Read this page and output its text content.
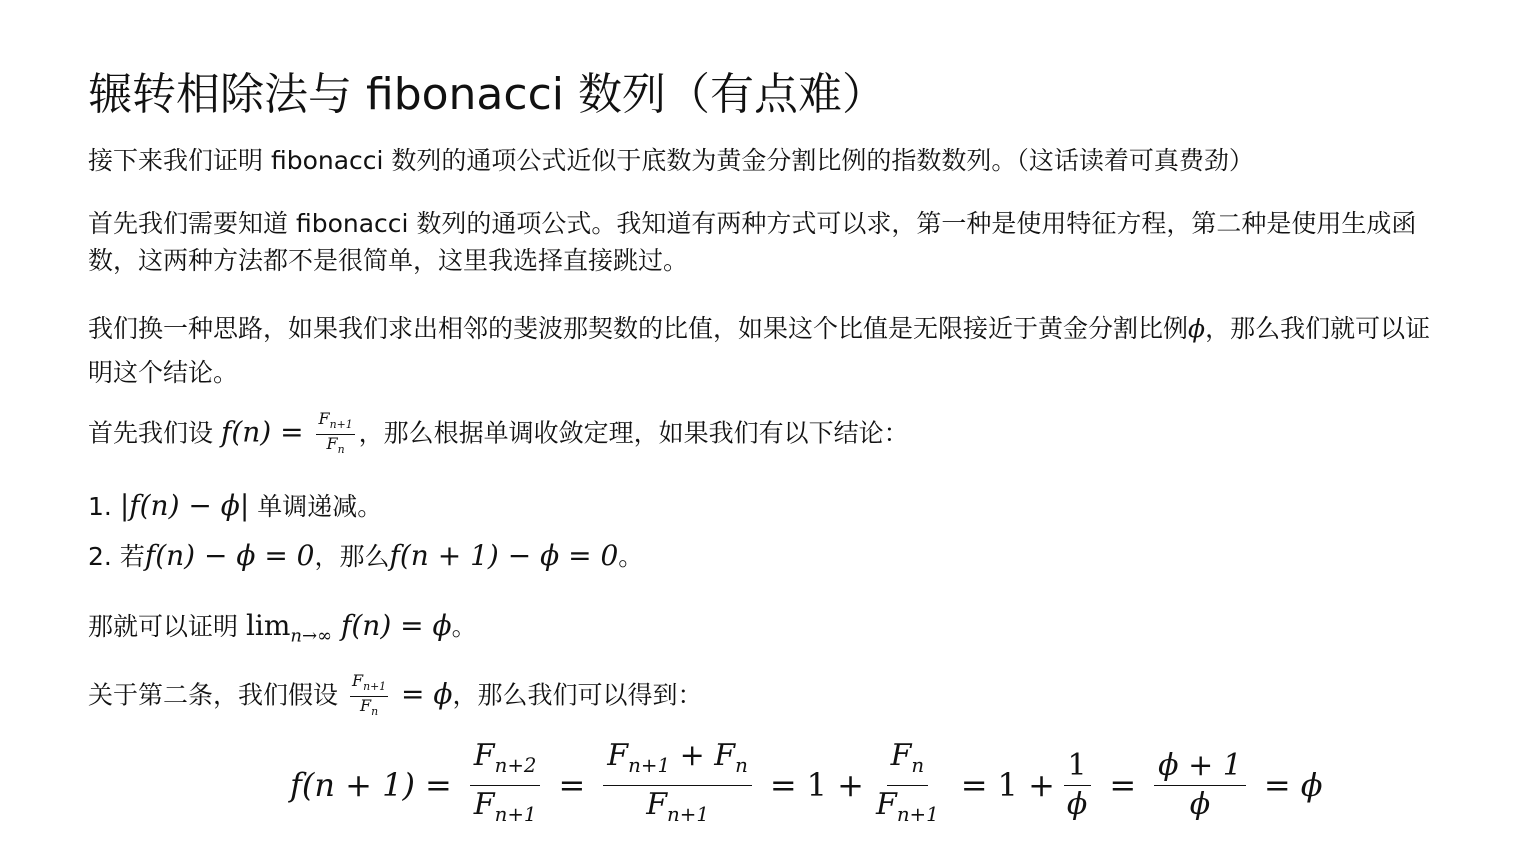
辗转相除法与 fibonacci 数列（有点难）
接下来我们证明 fibonacci 数列的通项公式近似于底数为黄金分割比例的指数数列。（这话读着可真费劲）
首先我们需要知道 fibonacci 数列的通项公式。我知道有两种方式可以求，第一种是使用特征方程，第二种是使用生成函数，这两种方法都不是很简单，这里我选择直接跳过。
我们换一种思路，如果我们求出相邻的斐波那契数的比值，如果这个比值是无限接近于黄金分割比例ϕ，那么我们就可以证明这个结论。
首先我们设 $f(n) = \frac{F_{n+1}}{F_n}$ ，那么根据单调收敛定理，如果我们有以下结论：
1. |f(n) − ϕ| 单调递减。
2. 若f(n) − ϕ = 0，那么f(n + 1) − ϕ = 0。
那就可以证明 $\lim_{n\to\infty} f(n) = \phi$。
关于第二条，我们假设 $\frac{F_{n+1}}{F_n} = \phi$，那么我们可以得到：
$f(n + 1) = \frac{F_{n+2}}{F_{n+1}} = \frac{F_{n+1} + F_n}{F_{n+1}} = 1 + \frac{F_n}{F_{n+1}} = 1 + \frac{1}{\phi} = \frac{\phi + 1}{\phi} = \phi$
